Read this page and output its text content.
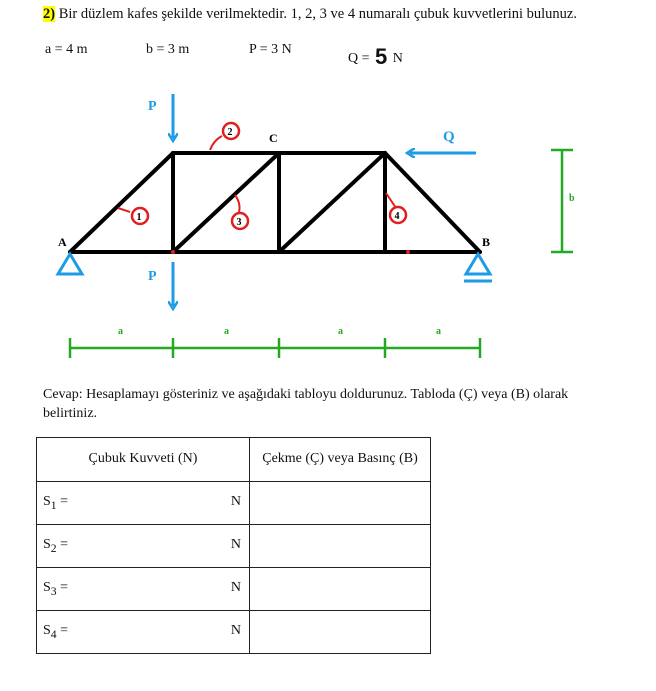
2) Bir düzlem kafes şekilde verilmektedir. 1, 2, 3 ve 4 numaralı çubuk kuvvetlerini bulunuz.
a = 4 m	b = 3 m	P = 3 N
Q = 5 N
A	B
C
P
P
Q
1
2
3
4
b
a	a	a	a
Cevap: Hesaplamayı gösteriniz ve aşağıdaki tabloyu doldurunuz. Tabloda (Ç) veya (B) olarak belirtiniz.
Çubuk Kuvveti (N)	Çekme (Ç) veya Basınç (B)

$S_1 = N$	

$S_2 = N$	

$S_3 = N$	

$S_4 = N$	
